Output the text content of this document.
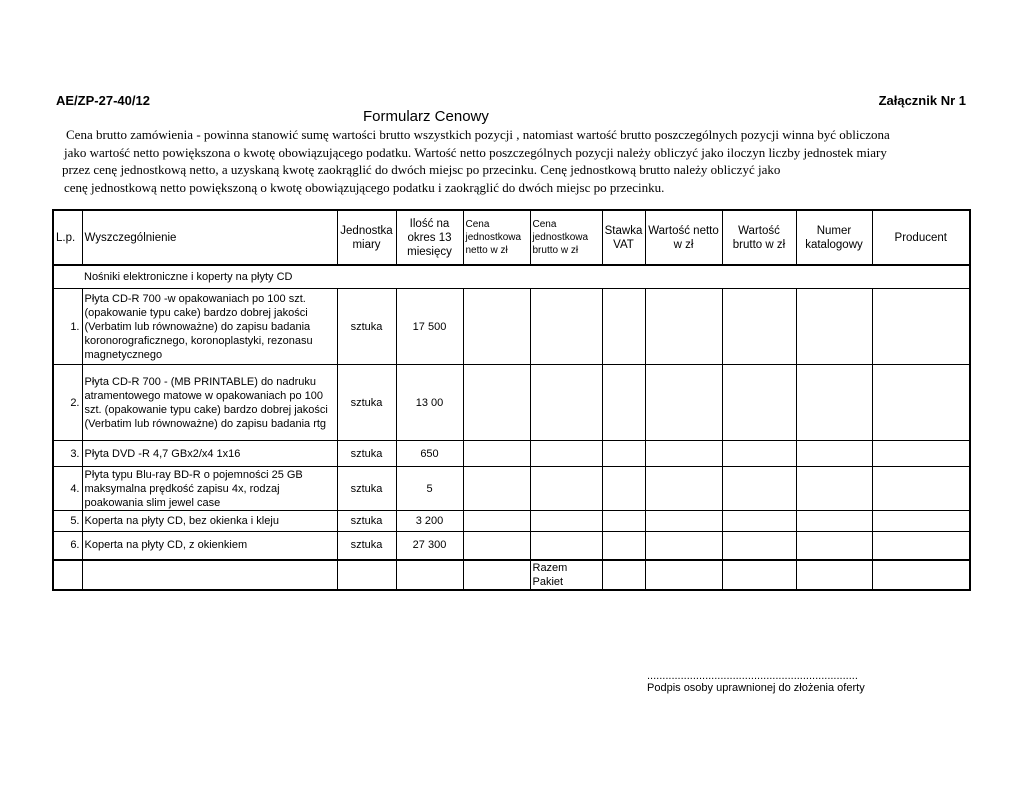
AE/ZP-27-40/12	Załącznik Nr 1
Formularz Cenowy
Cena brutto zamówienia - powinna stanowić sumę wartości brutto wszystkich pozycji , natomiast wartość brutto poszczególnych pozycji winna być obliczona
jako wartość netto powiększona o kwotę obowiązującego podatku. Wartość netto poszczególnych pozycji należy obliczyć jako iloczyn liczby jednostek miary
przez cenę jednostkową netto, a uzyskaną kwotę zaokrąglić do dwóch miejsc po przecinku. Cenę jednostkową brutto należy obliczyć jako
cenę jednostkową netto powiększoną o kwotę obowiązującego podatku i zaokrąglić do dwóch miejsc po przecinku.
L.p.	Wyszczególnienie	Jednostka miary	Ilość na okres 13 miesięcy	Cena jednostkowa netto w zł	Cena jednostkowa brutto w zł	Stawka VAT	Wartość netto w zł	Wartość brutto w zł	Numer katalogowy	Producent
Nośniki elektroniczne i koperty na płyty CD										
1.	Płyta CD-R 700 -w opakowaniach po 100 szt. (opakowanie typu cake) bardzo dobrej jakości (Verbatim lub równoważne) do zapisu badania koronorograficznego, koronoplastyki, rezonasu magnetycznego	sztuka	17 500							
2.	Płyta CD-R 700 - (MB PRINTABLE) do nadruku atramentowego matowe w opakowaniach po 100 szt. (opakowanie typu cake) bardzo dobrej jakości (Verbatim lub równoważne) do zapisu badania rtg	sztuka	13 00							
3.	Płyta DVD -R 4,7 GBx2/x4 1x16	sztuka	650							
4.	Płyta typu Blu-ray BD-R o pojemności 25 GB maksymalna prędkość zapisu 4x, rodzaj poakowania slim jewel case	sztuka	5							
5.	Koperta na płyty CD, bez okienka i kleju	sztuka	3 200							
6.	Koperta na płyty CD, z okienkiem	sztuka	27 300							
					Razem Pakiet					
.....................................................................
Podpis osoby uprawnionej do złożenia oferty
